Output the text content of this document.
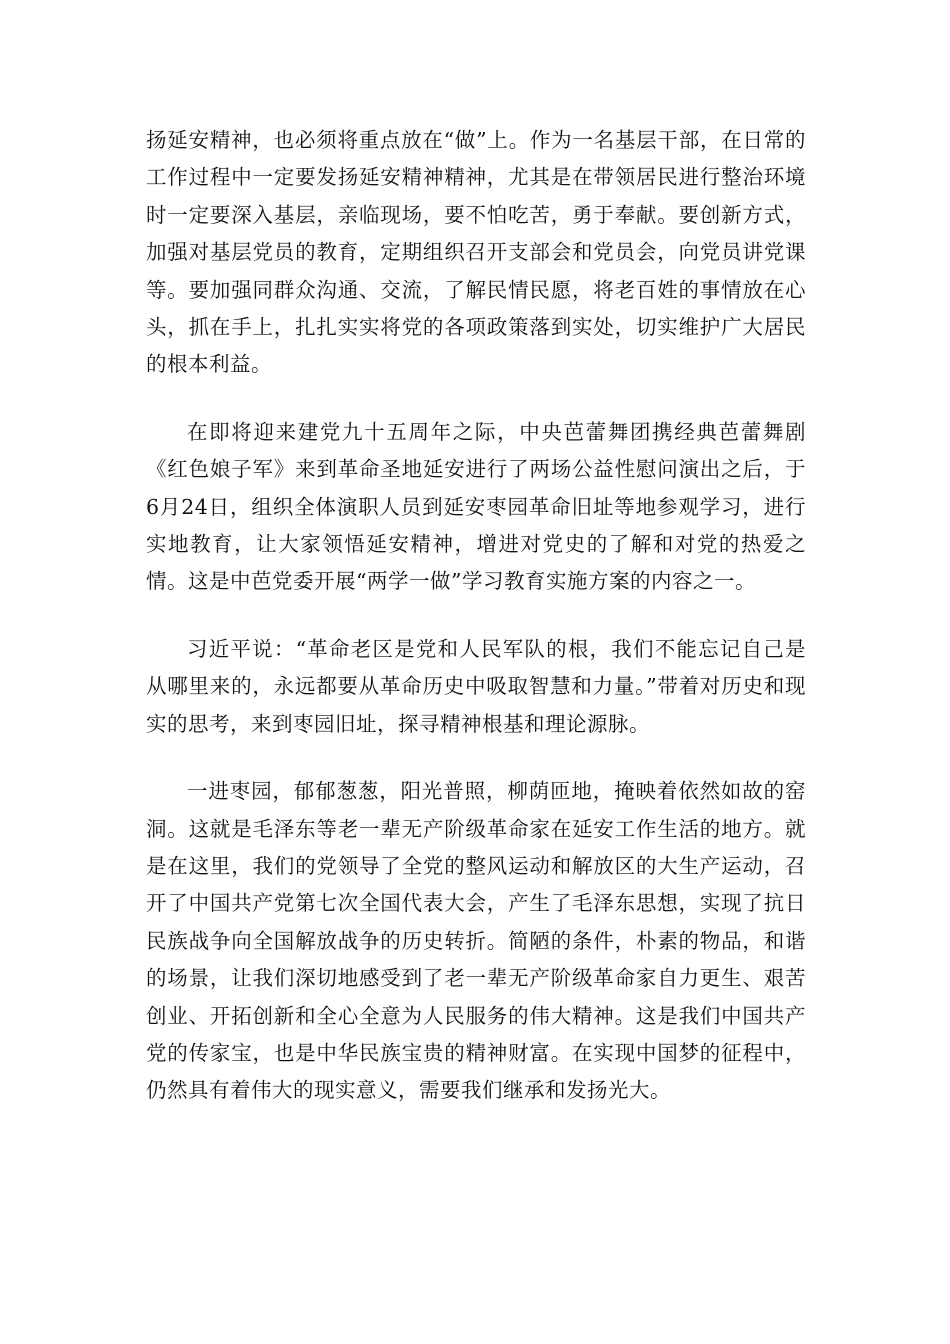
扬延安精神，也必须将重点放在“做”上。作为一名基层干部，在日常的工作过程中一定要发扬延安精神精神，尤其是在带领居民进行整治环境时一定要深入基层，亲临现场，要不怕吃苦，勇于奉献。要创新方式，加强对基层党员的教育，定期组织召开支部会和党员会，向党员讲党课等。要加强同群众沟通、交流，了解民情民愿，将老百姓的事情放在心头，抓在手上，扎扎实实将党的各项政策落到实处，切实维护广大居民的根本利益。

在即将迎来建党九十五周年之际，中央芭蕾舞团携经典芭蕾舞剧《红色娘子军》来到革命圣地延安进行了两场公益性慰问演出之后，于6月24日，组织全体演职人员到延安枣园革命旧址等地参观学习，进行实地教育，让大家领悟延安精神，增进对党史的了解和对党的热爱之情。这是中芭党委开展“两学一做”学习教育实施方案的内容之一。

习近平说：“革命老区是党和人民军队的根，我们不能忘记自己是从哪里来的，永远都要从革命历史中吸取智慧和力量。”带着对历史和现实的思考，来到枣园旧址，探寻精神根基和理论源脉。

一进枣园，郁郁葱葱，阳光普照，柳荫匝地，掩映着依然如故的窑洞。这就是毛泽东等老一辈无产阶级革命家在延安工作生活的地方。就是在这里，我们的党领导了全党的整风运动和解放区的大生产运动，召开了中国共产党第七次全国代表大会，产生了毛泽东思想，实现了抗日民族战争向全国解放战争的历史转折。简陋的条件，朴素的物品，和谐的场景，让我们深切地感受到了老一辈无产阶级革命家自力更生、艰苦创业、开拓创新和全心全意为人民服务的伟大精神。这是我们中国共产党的传家宝，也是中华民族宝贵的精神财富。在实现中国梦的征程中，仍然具有着伟大的现实意义，需要我们继承和发扬光大。
